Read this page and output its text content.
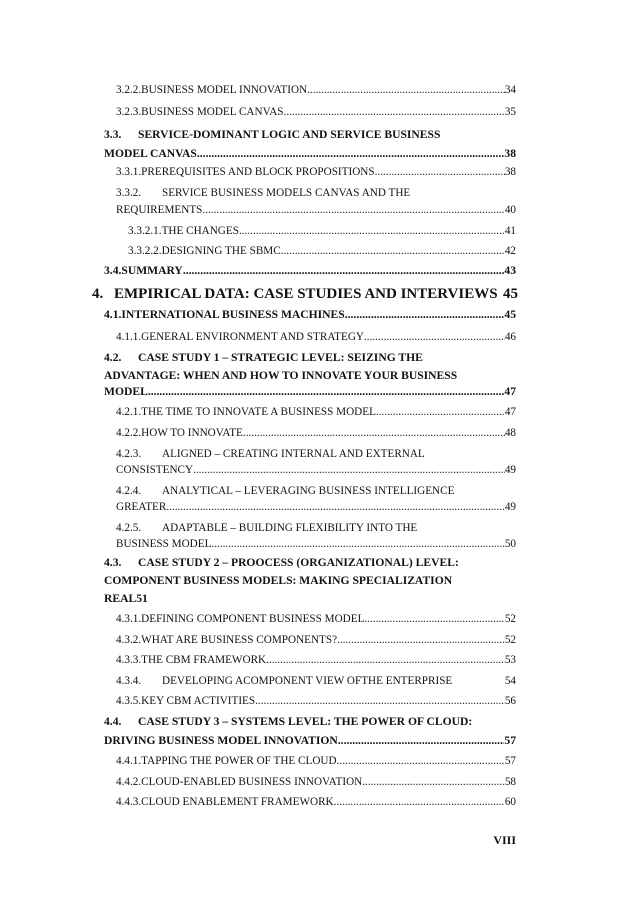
3.2.2. BUSINESS MODEL INNOVATION .....	34
3.2.3. BUSINESS MODEL CANVAS .....	35
3.3. SERVICE-DOMINANT LOGIC AND SERVICE BUSINESS
MODEL CANVAS .....	38
3.3.1. PREREQUISITES AND BLOCK PROPOSITIONS .....	38
3.3.2. SERVICE BUSINESS MODELS CANVAS AND THE
REQUIREMENTS .....	40
3.3.2.1. THE CHANGES .....	41
3.3.2.2. DESIGNING THE SBMC .....	42
3.4. SUMMARY .....	43
4. EMPIRICAL DATA: CASE STUDIES AND INTERVIEWS 45
4.1. INTERNATIONAL BUSINESS MACHINES .....	45
4.1.1. GENERAL ENVIRONMENT AND STRATEGY .....	46
4.2. CASE STUDY 1 – STRATEGIC LEVEL: SEIZING THE
ADVANTAGE: WHEN AND HOW TO INNOVATE YOUR BUSINESS
MODEL .....	47
4.2.1. THE TIME TO INNOVATE A BUSINESS MODEL .....	47
4.2.2. HOW TO INNOVATE .....	48
4.2.3. ALIGNED – CREATING INTERNAL AND EXTERNAL
CONSISTENCY .....	49
4.2.4. ANALYTICAL – LEVERAGING BUSINESS INTELLIGENCE
GREATER .....	49
4.2.5. ADAPTABLE – BUILDING FLEXIBILITY INTO THE
BUSINESS MODEL .....	50
4.3. CASE STUDY 2 – PROOCESS (ORGANIZATIONAL) LEVEL:
COMPONENT BUSINESS MODELS: MAKING SPECIALIZATION
REAL51
4.3.1. DEFINING COMPONENT BUSINESS MODEL .....	52
4.3.2. WHAT ARE BUSINESS COMPONENTS? .....	52
4.3.3. THE CBM FRAMEWORK .....	53
4.3.4.	DEVELOPING ACOMPONENT VIEW OFTHE ENTERPRISE	54
4.3.5. KEY CBM ACTIVITIES .....	56
4.4. CASE STUDY 3 – SYSTEMS LEVEL: THE POWER OF CLOUD:
DRIVING BUSINESS MODEL INNOVATION .....	57
4.4.1. TAPPING THE POWER OF THE CLOUD .....	57
4.4.2. CLOUD-ENABLED BUSINESS INNOVATION .....	58
4.4.3. CLOUD ENABLEMENT FRAMEWORK .....	60
VIII
